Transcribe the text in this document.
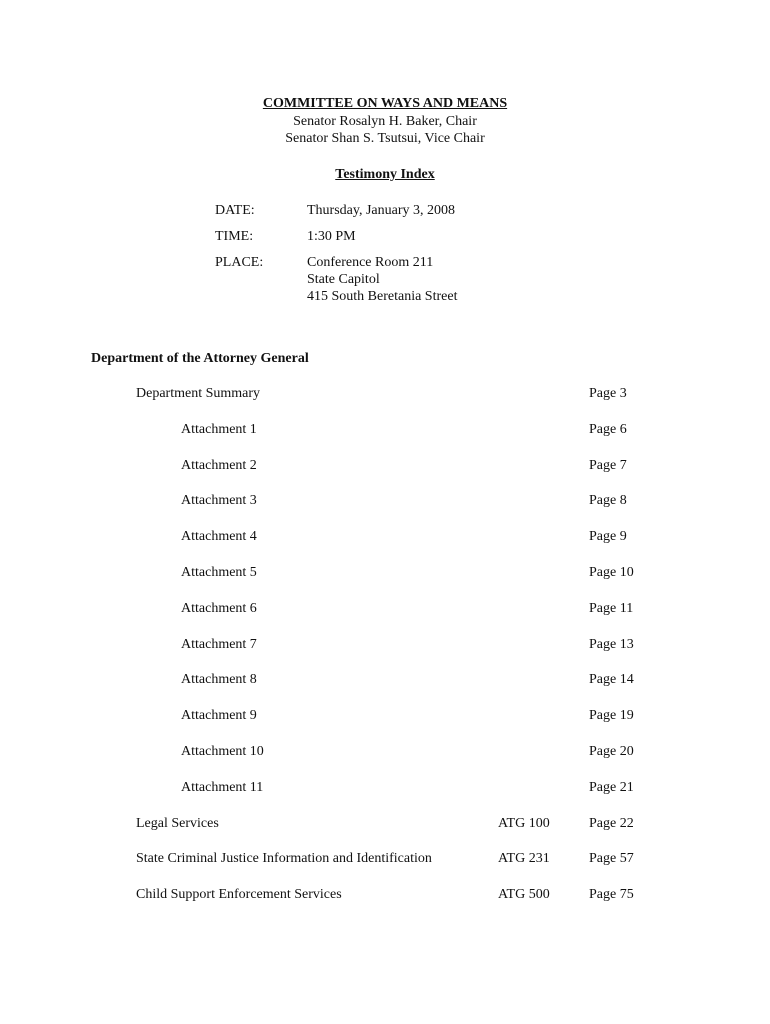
COMMITTEE ON WAYS AND MEANS
Senator Rosalyn H. Baker, Chair
Senator Shan S. Tsutsui, Vice Chair
Testimony Index
DATE:	Thursday, January 3, 2008
TIME:	1:30 PM
PLACE:	Conference Room 211
State Capitol
415 South Beretania Street
Department of the Attorney General
Department Summary	Page 3
Attachment 1	Page 6
Attachment 2	Page 7
Attachment 3	Page 8
Attachment 4	Page 9
Attachment 5	Page 10
Attachment 6	Page 11
Attachment 7	Page 13
Attachment 8	Page 14
Attachment 9	Page 19
Attachment 10	Page 20
Attachment 11	Page 21
Legal Services	ATG 100	Page 22
State Criminal Justice Information and Identification	ATG 231	Page 57
Child Support Enforcement Services	ATG 500	Page 75
